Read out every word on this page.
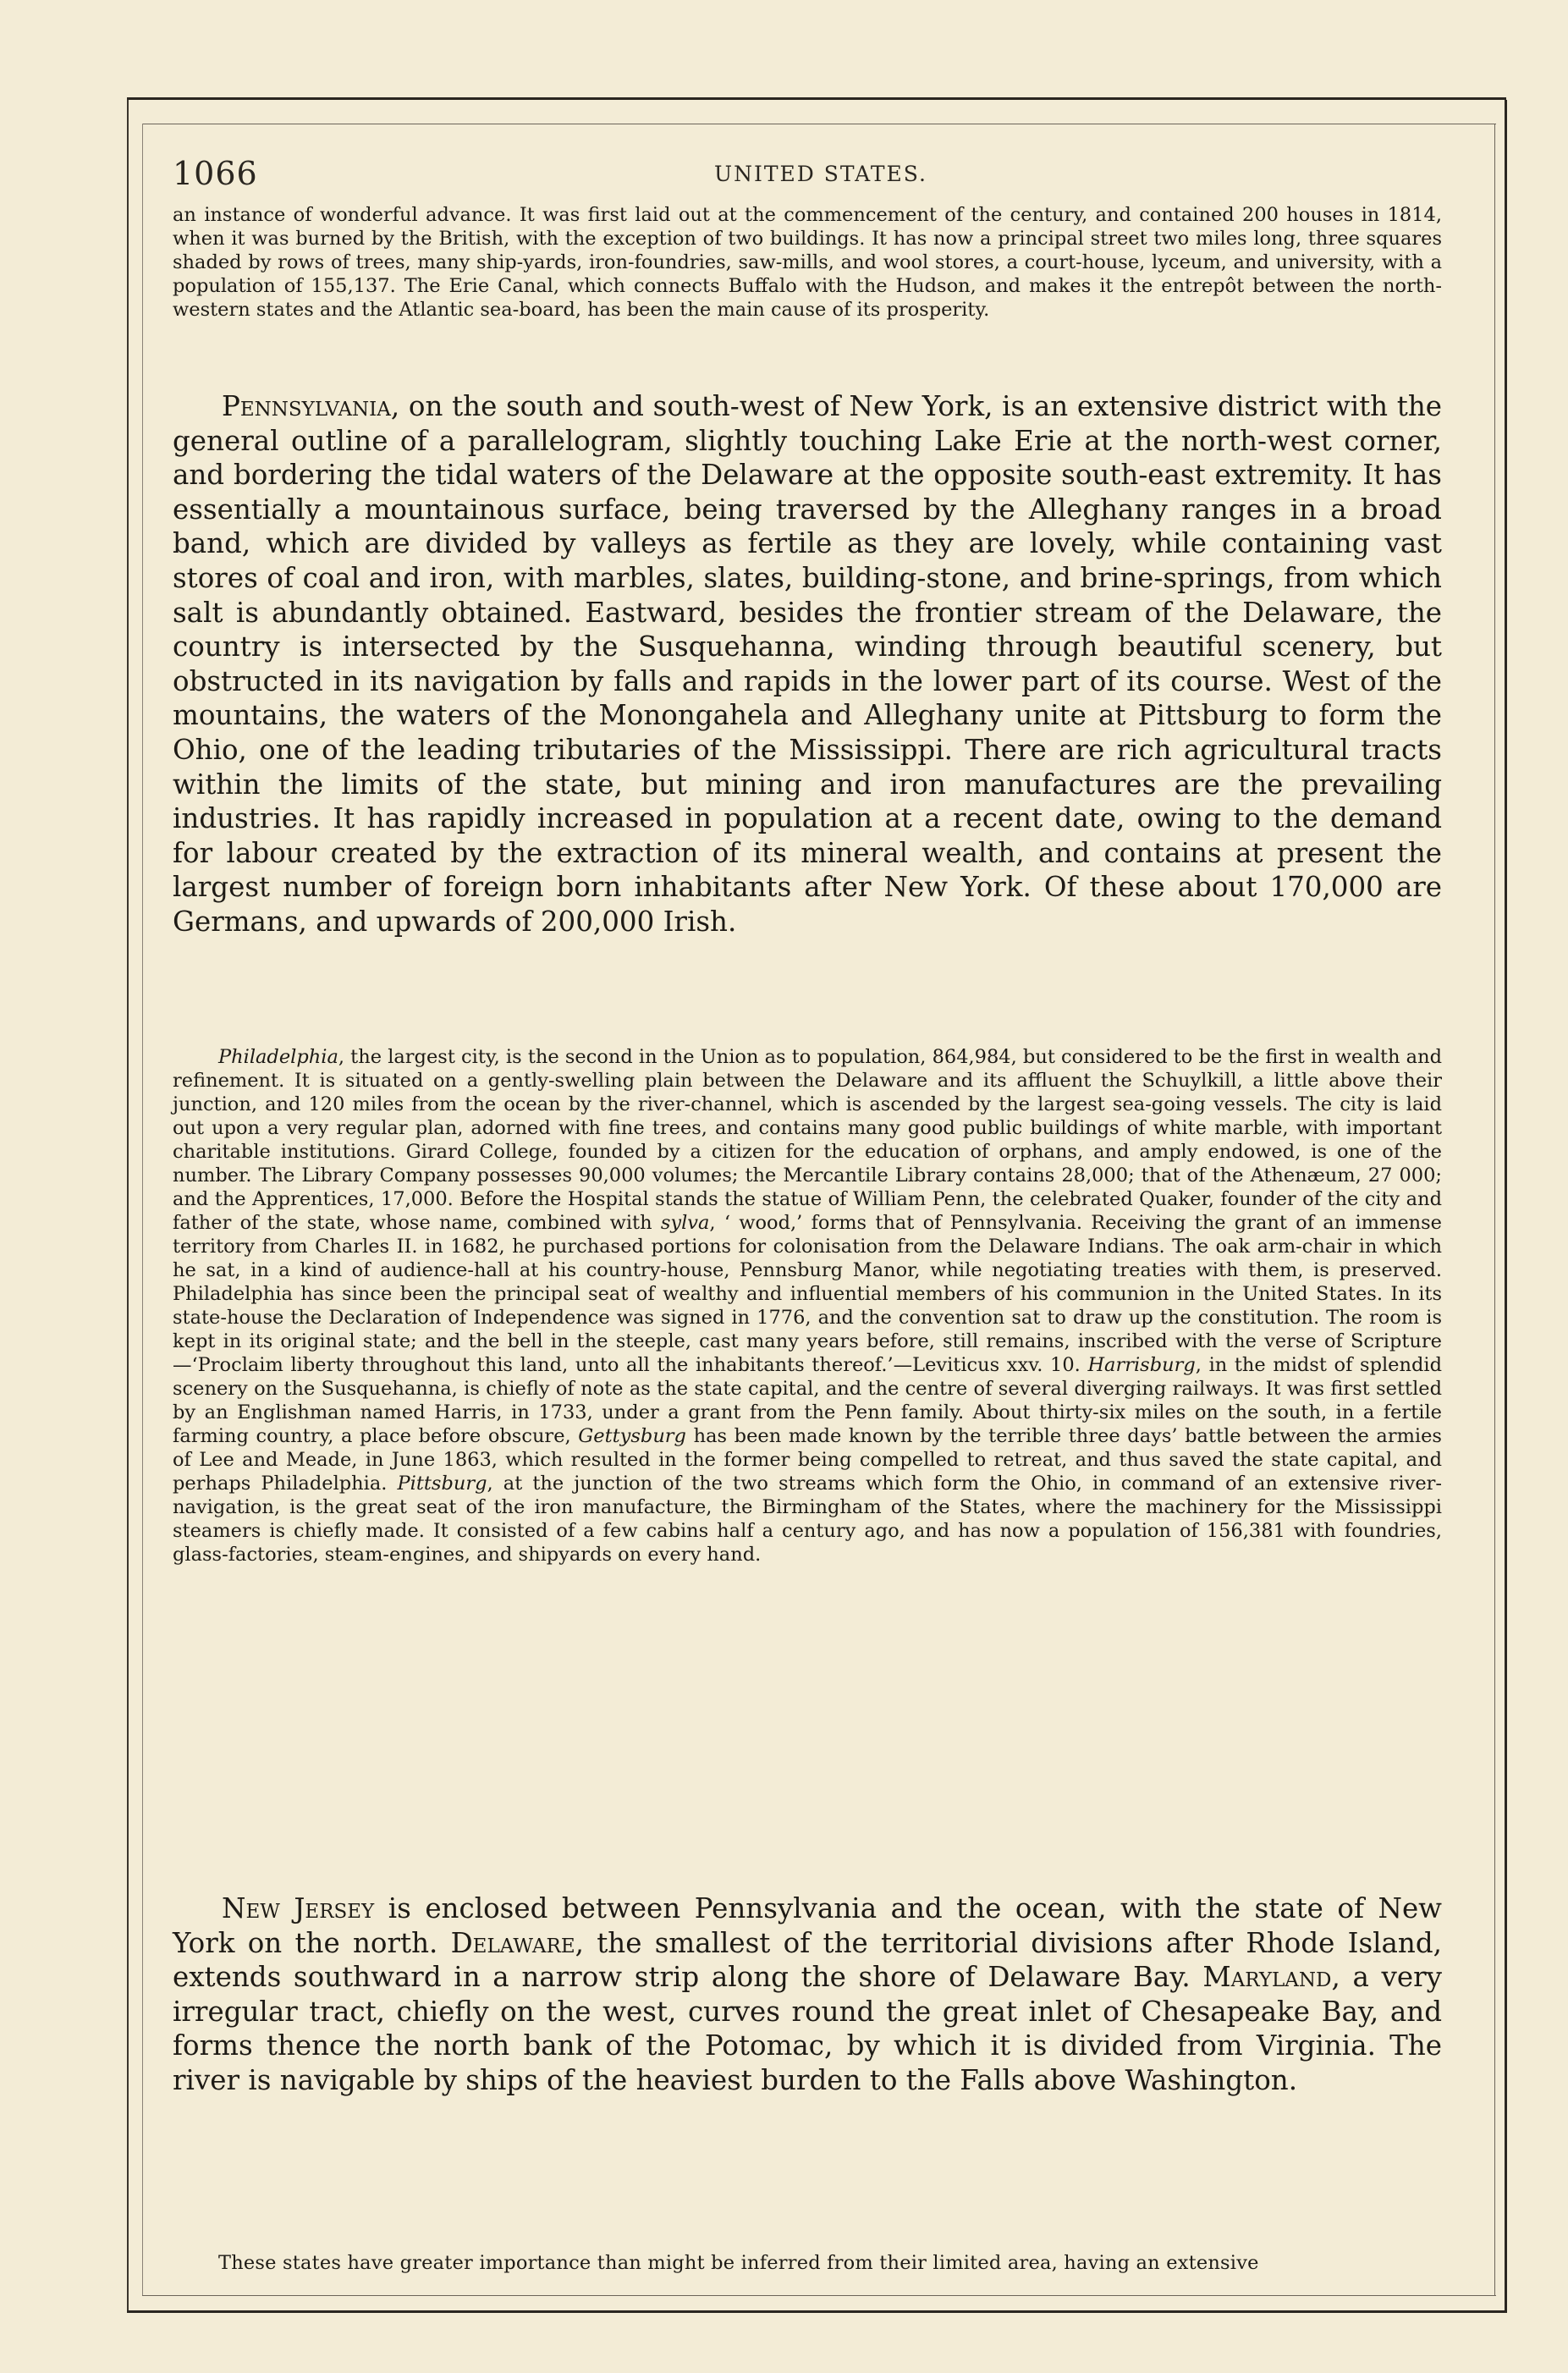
1066	UNITED STATES.

an instance of wonderful advance. It was first laid out at the commencement of the century, and contained 200 houses in 1814, when it was burned by the British, with the exception of two buildings. It has now a principal street two miles long, three squares shaded by rows of trees, many ship-yards, iron-foundries, saw-mills, and wool stores, a court-house, lyceum, and university, with a population of 155,137. The Erie Canal, which connects Buffalo with the Hudson, and makes it the entrepôt between the north-western states and the Atlantic sea-board, has been the main cause of its prosperity.

Pennsylvania, on the south and south-west of New York, is an extensive district with the general outline of a parallelogram, slightly touching Lake Erie at the north-west corner, and bordering the tidal waters of the Delaware at the opposite south-east extremity. It has essentially a mountainous surface, being traversed by the Alleghany ranges in a broad band, which are divided by valleys as fertile as they are lovely, while containing vast stores of coal and iron, with marbles, slates, building-stone, and brine-springs, from which salt is abundantly obtained. Eastward, besides the frontier stream of the Delaware, the country is intersected by the Susquehanna, winding through beautiful scenery, but obstructed in its navigation by falls and rapids in the lower part of its course. West of the mountains, the waters of the Monongahela and Alleghany unite at Pittsburg to form the Ohio, one of the leading tributaries of the Mississippi. There are rich agricultural tracts within the limits of the state, but mining and iron manufactures are the prevailing industries. It has rapidly increased in population at a recent date, owing to the demand for labour created by the extraction of its mineral wealth, and contains at present the largest number of foreign born inhabitants after New York. Of these about 170,000 are Germans, and upwards of 200,000 Irish.

Philadelphia, the largest city, is the second in the Union as to population, 864,984, but considered to be the first in wealth and refinement. It is situated on a gently-swelling plain between the Delaware and its affluent the Schuylkill, a little above their junction, and 120 miles from the ocean by the river-channel, which is ascended by the largest sea-going vessels. The city is laid out upon a very regular plan, adorned with fine trees, and contains many good public buildings of white marble, with important charitable institutions. Girard College, founded by a citizen for the education of orphans, and amply endowed, is one of the number. The Library Company possesses 90,000 volumes; the Mercantile Library contains 28,000; that of the Athenæum, 27 000; and the Apprentices, 17,000. Before the Hospital stands the statue of William Penn, the celebrated Quaker, founder of the city and father of the state, whose name, combined with sylva, ‘ wood,’ forms that of Pennsylvania. Receiving the grant of an immense territory from Charles II. in 1682, he purchased portions for colonisation from the Delaware Indians. The oak arm-chair in which he sat, in a kind of audience-hall at his country-house, Pennsburg Manor, while negotiating treaties with them, is preserved. Philadelphia has since been the principal seat of wealthy and influential members of his communion in the United States. In its state-house the Declaration of Independence was signed in 1776, and the convention sat to draw up the constitution. The room is kept in its original state; and the bell in the steeple, cast many years before, still remains, inscribed with the verse of Scripture—‘Proclaim liberty throughout this land, unto all the inhabitants thereof.’—Leviticus xxv. 10. Harrisburg, in the midst of splendid scenery on the Susquehanna, is chiefly of note as the state capital, and the centre of several diverging railways. It was first settled by an Englishman named Harris, in 1733, under a grant from the Penn family. About thirty-six miles on the south, in a fertile farming country, a place before obscure, Gettysburg has been made known by the terrible three days’ battle between the armies of Lee and Meade, in June 1863, which resulted in the former being compelled to retreat, and thus saved the state capital, and perhaps Philadelphia. Pittsburg, at the junction of the two streams which form the Ohio, in command of an extensive river-navigation, is the great seat of the iron manufacture, the Birmingham of the States, where the machinery for the Mississippi steamers is chiefly made. It consisted of a few cabins half a century ago, and has now a population of 156,381 with foundries, glass-factories, steam-engines, and shipyards on every hand.

New Jersey is enclosed between Pennsylvania and the ocean, with the state of New York on the north. Delaware, the smallest of the territorial divisions after Rhode Island, extends southward in a narrow strip along the shore of Delaware Bay. Maryland, a very irregular tract, chiefly on the west, curves round the great inlet of Chesapeake Bay, and forms thence the north bank of the Potomac, by which it is divided from Virginia. The river is navigable by ships of the heaviest burden to the Falls above Washington.

These states have greater importance than might be inferred from their limited area, having an extensive
